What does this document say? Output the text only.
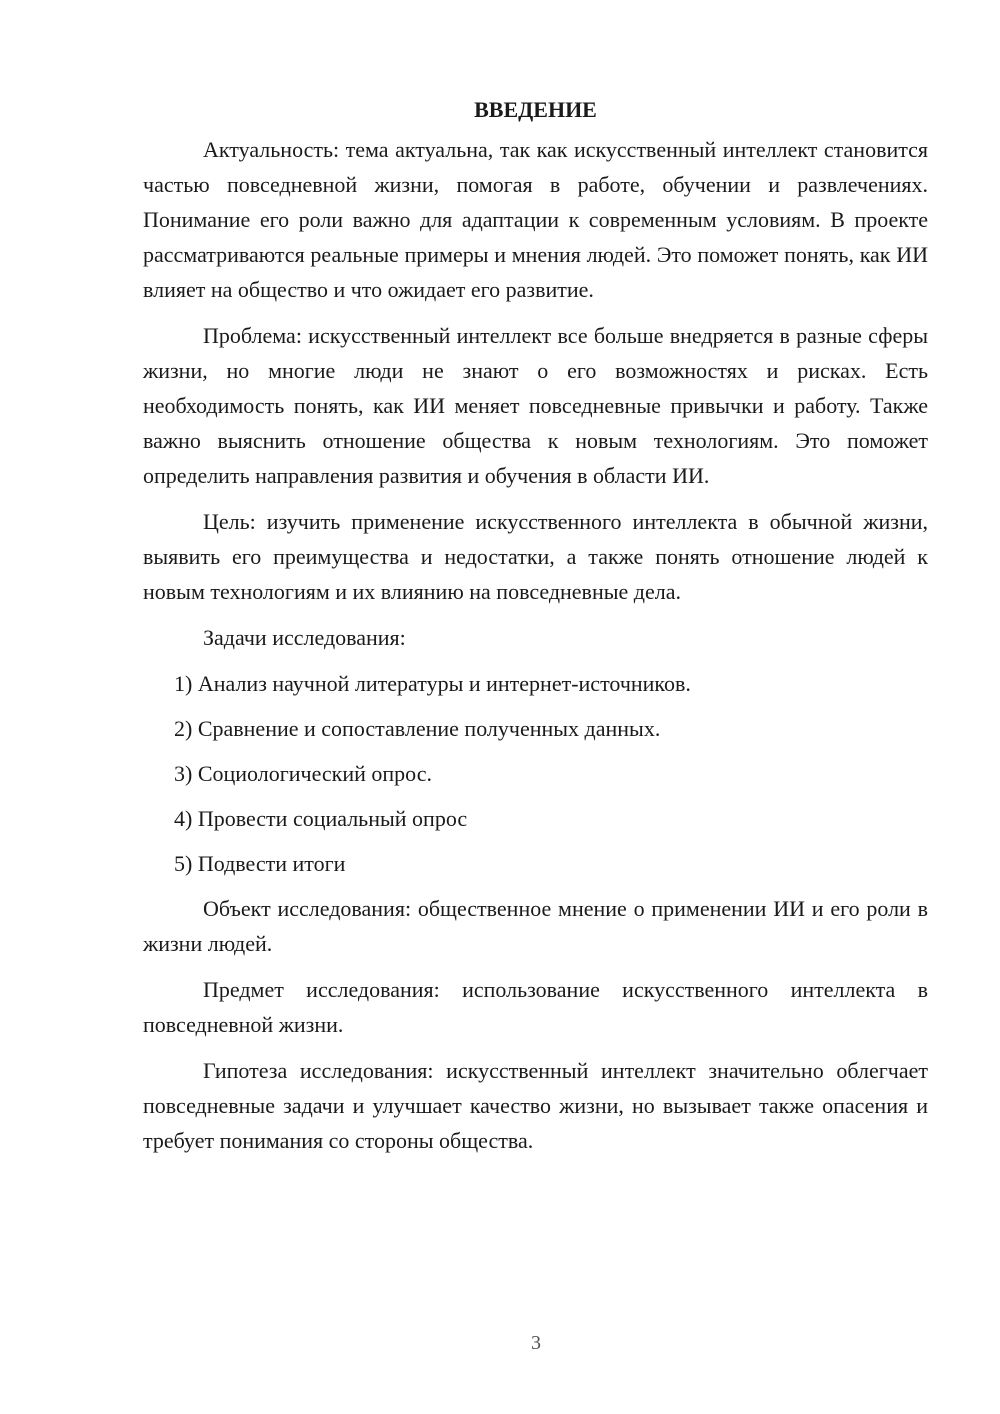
ВВЕДЕНИЕ

Актуальность: тема актуальна, так как искусственный интеллект становится частью повседневной жизни, помогая в работе, обучении и развлечениях. Понимание его роли важно для адаптации к современным условиям. В проекте рассматриваются реальные примеры и мнения людей. Это поможет понять, как ИИ влияет на общество и что ожидает его развитие.

Проблема: искусственный интеллект все больше внедряется в разные сферы жизни, но многие люди не знают о его возможностях и рисках. Есть необходимость понять, как ИИ меняет повседневные привычки и работу. Также важно выяснить отношение общества к новым технологиям. Это поможет определить направления развития и обучения в области ИИ.

Цель: изучить применение искусственного интеллекта в обычной жизни, выявить его преимущества и недостатки, а также понять отношение людей к новым технологиям и их влиянию на повседневные дела.

Задачи исследования:

1) Анализ научной литературы и интернет-источников.

2) Сравнение и сопоставление полученных данных.

3) Социологический опрос.

4) Провести социальный опрос

5) Подвести итоги

Объект исследования: общественное мнение о применении ИИ и его роли в жизни людей.

Предмет исследования: использование искусственного интеллекта в повседневной жизни.

Гипотеза исследования: искусственный интеллект значительно облегчает повседневные задачи и улучшает качество жизни, но вызывает также опасения и требует понимания со стороны общества.

3
